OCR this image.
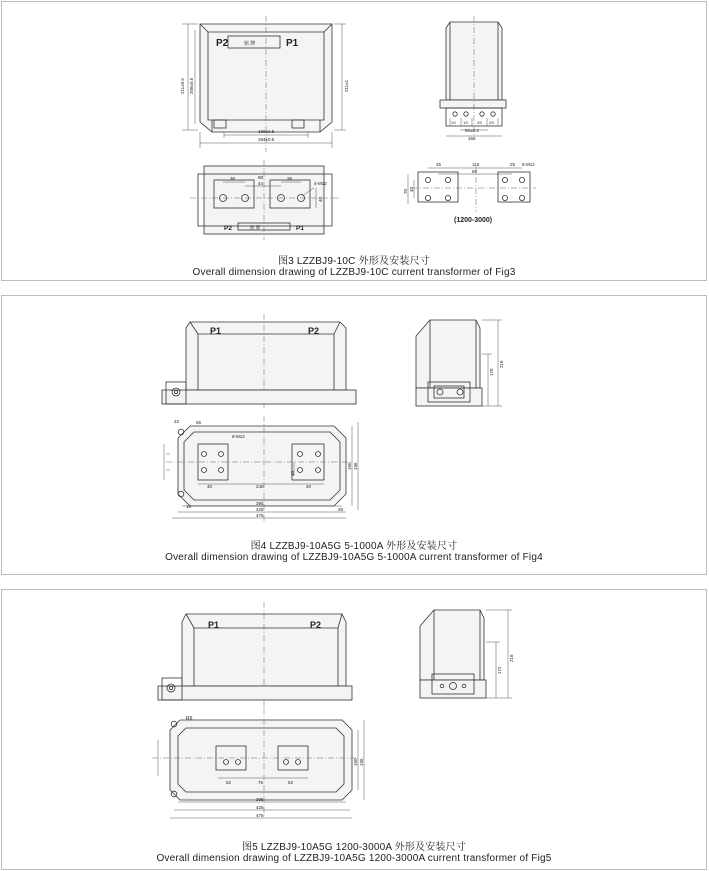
P2	铭 牌	P1
211±0.5 208±0.5	211±1
166±0.5
284±0.5
1S 1S 2S 2S
60±0.3
166
36	88
44
36
4-M12
40
P2	铭 牌	P1
25	115
65
25 8-M12
70 40
(1200-3000)
图3 LZZBJ9-10C 外形及安装尺寸
Overall dimension drawing of LZZBJ9-10C current transformer of Fig3
P1	P2
170
216
32	56
8-M12
40	240	40
10
395
425
475
25
40
160 196
图4 LZZBJ9-10A5G 5-1000A 外形及安装尺寸
Overall dimension drawing of LZZBJ9-10A5G 5-1000A current transformer of Fig4
P1	P2
172
216
R6
52	75	52
395
425
475
160 196
图5 LZZBJ9-10A5G 1200-3000A 外形及安装尺寸
Overall dimension drawing of LZZBJ9-10A5G 1200-3000A current transformer of Fig5
